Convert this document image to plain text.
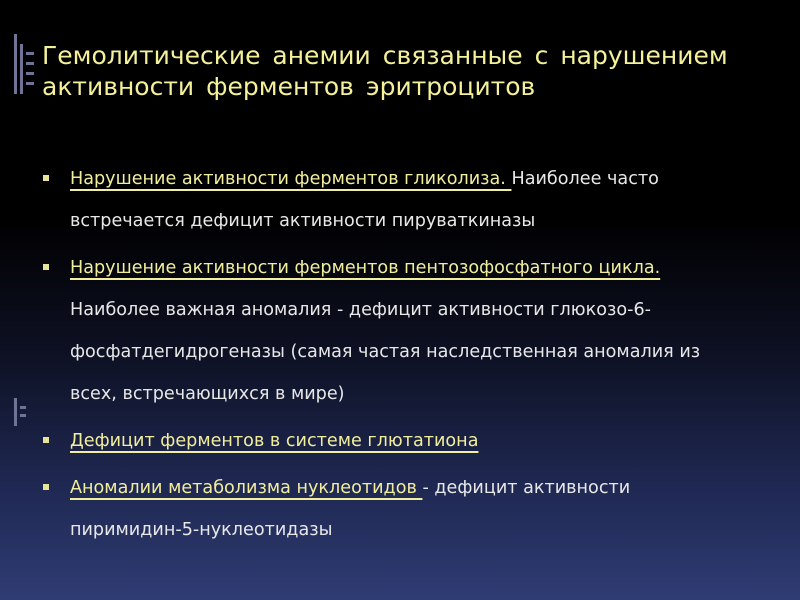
Гемолитические анемии связанные с нарушением активности ферментов эритроцитов
Нарушение активности ферментов гликолиза. Наиболее часто встречается дефицит активности пируваткиназы
Нарушение активности ферментов пентозофосфатного цикла. Наиболее важная аномалия - дефицит активности глюкозо-6-фосфатдегидрогеназы (самая частая наследственная аномалия из всех, встречающихся в мире)
Дефицит ферментов в системе глютатиона
Аномалии метаболизма нуклеотидов - дефицит активности пиримидин-5-нуклеотидазы
